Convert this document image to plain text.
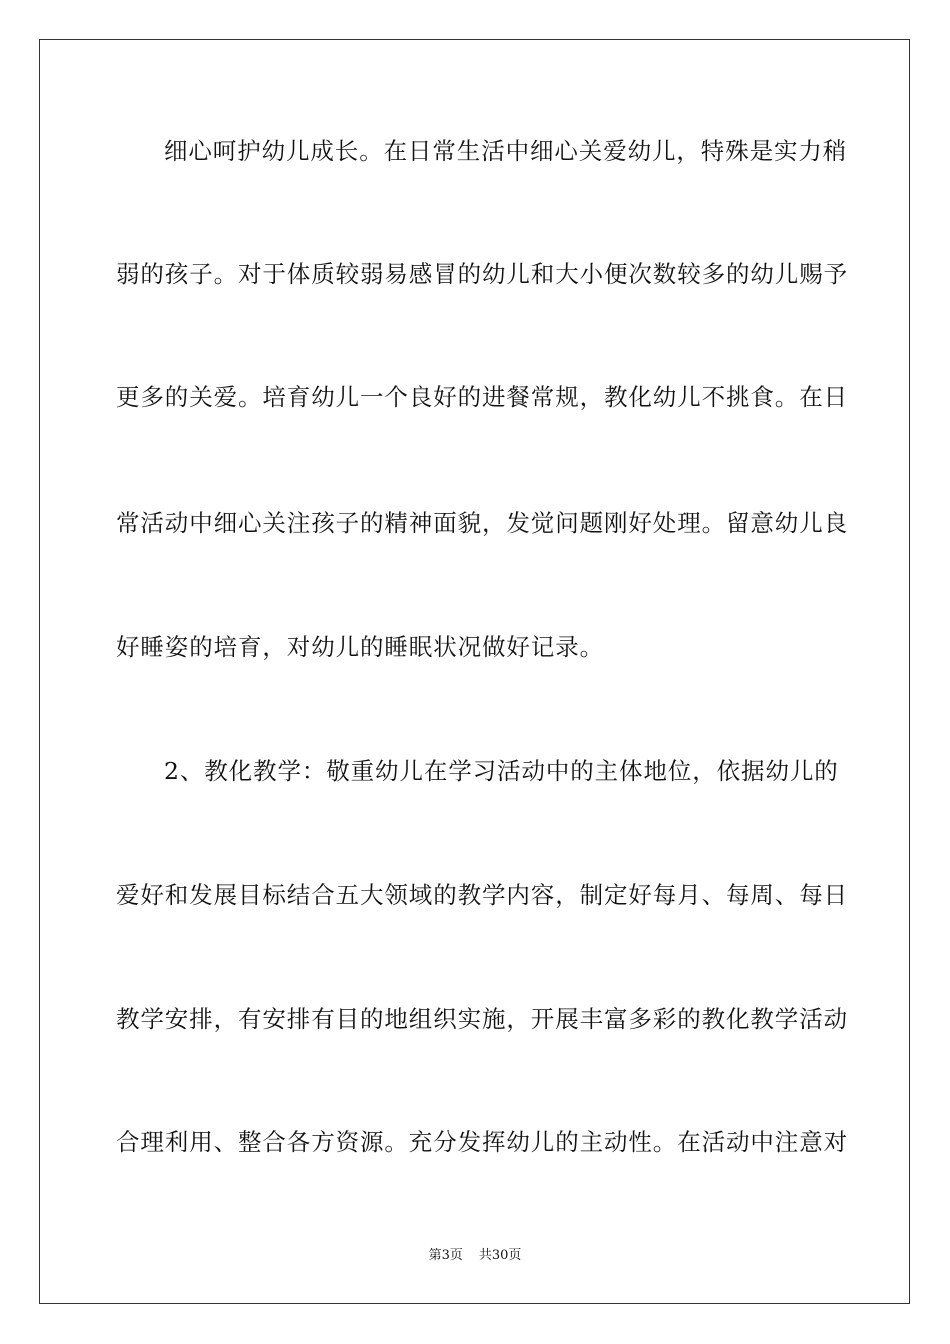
细心呵护幼儿成长。在日常生活中细心关爱幼儿，特殊是实力稍
弱的孩子。对于体质较弱易感冒的幼儿和大小便次数较多的幼儿赐予
更多的关爱。培育幼儿一个良好的进餐常规，教化幼儿不挑食。在日
常活动中细心关注孩子的精神面貌，发觉问题刚好处理。留意幼儿良
好睡姿的培育，对幼儿的睡眠状况做好记录。
2、教化教学：敬重幼儿在学习活动中的主体地位，依据幼儿的
爱好和发展目标结合五大领域的教学内容，制定好每月、每周、每日
教学安排，有安排有目的地组织实施，开展丰富多彩的教化教学活动
合理利用、整合各方资源。充分发挥幼儿的主动性。在活动中注意对
第3页 共30页
